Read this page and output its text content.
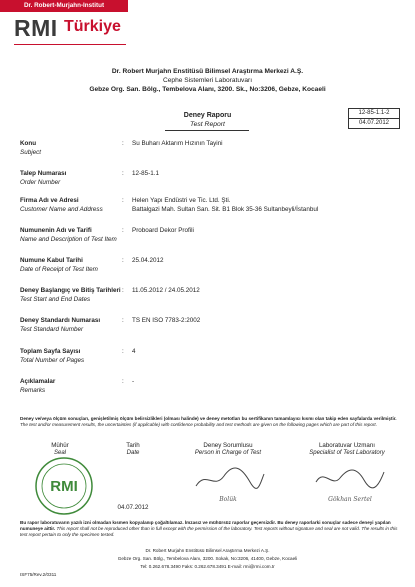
Dr. Robert-Murjahn-Institut
RMI Türkiye
Dr. Robert Murjahn Enstitüsü Bilimsel Araştırma Merkezi A.Ş.
Cephe Sistemleri Laboratuvarı
Gebze Org. San. Bölg., Tembelova Alanı, 3200. Sk., No:3206, Gebze, Kocaeli
Deney Raporu
Test Report
12-85-1.1-2
04.07.2012
Konu
Subject
: Su Buharı Aktarım Hızının Tayini
Talep Numarası
Order Number
: 12-85-1.1
Firma Adı ve Adresi
Customer Name and Address
: Helen Yapı Endüstri ve Tic. Ltd. Şti.
Battalgazi Mah. Sultan San. Sit. B1 Blok 35-36 Sultanbeyli/İstanbul
Numunenin Adı ve Tarifi
Name and Description of Test Item
: Proboard Dekor Profili
Numune Kabul Tarihi
Date of Receipt of Test Item
: 25.04.2012
Deney Başlangıç ve Bitiş Tarihleri
Test Start and End Dates
: 11.05.2012 / 24.05.2012
Deney Standardı Numarası
Test Standard Number
: TS EN ISO 7783-2:2002
Toplam Sayfa Sayısı
Total Number of Pages
: 4
Açıklamalar
Remarks
: -
Deney ve/veya ölçüm sonuçları, genişletilmiş ölçüm belirsizlikleri (olması halinde) ve deney metotları bu sertifikanın tamamlayıcı kısmı olan takip eden sayfalarda verilmiştir. The test and/or measurement results, the uncertainties (if applicable) with confidence probability and test methods are given on the following pages which are part of this report.
Mühür
Seal
RMI
Tarih
Date
04.07.2012
Deney Sorumlusu
Person in Charge of Test
Bolük
Laboratuvar Uzmanı
Specialist of Test Laboratory
Gökhan Sertel
Bu rapor laboratuvarın yazılı izni olmadan kısmen kopyalanıp çoğaltılamaz. İmzasız ve mühürsüz raporlar geçersizdir. Bu deney raporlarki sonuçlar sadece deneyi yapılan numuneye aittir. This report shall not be reproduced other than in full except with the permission of the laboratory. Test reports without signature and seal are not valid. The results in this test report pertain to only the specimen tested.
Dr. Robert Murjahn Enstitüsü Bilimsel Araştırma Merkezi A.Ş.
Gebze Org. San. Bölg., Tembelova Alanı, 3200. Sokak, No:3206, 41400, Gebze, Kocaeli
Tel: 0.262.678.3490 Faks: 0.262.678.3491 E-mail: rmi@rmi.com.tr
ISF75/Rev.2/0311
